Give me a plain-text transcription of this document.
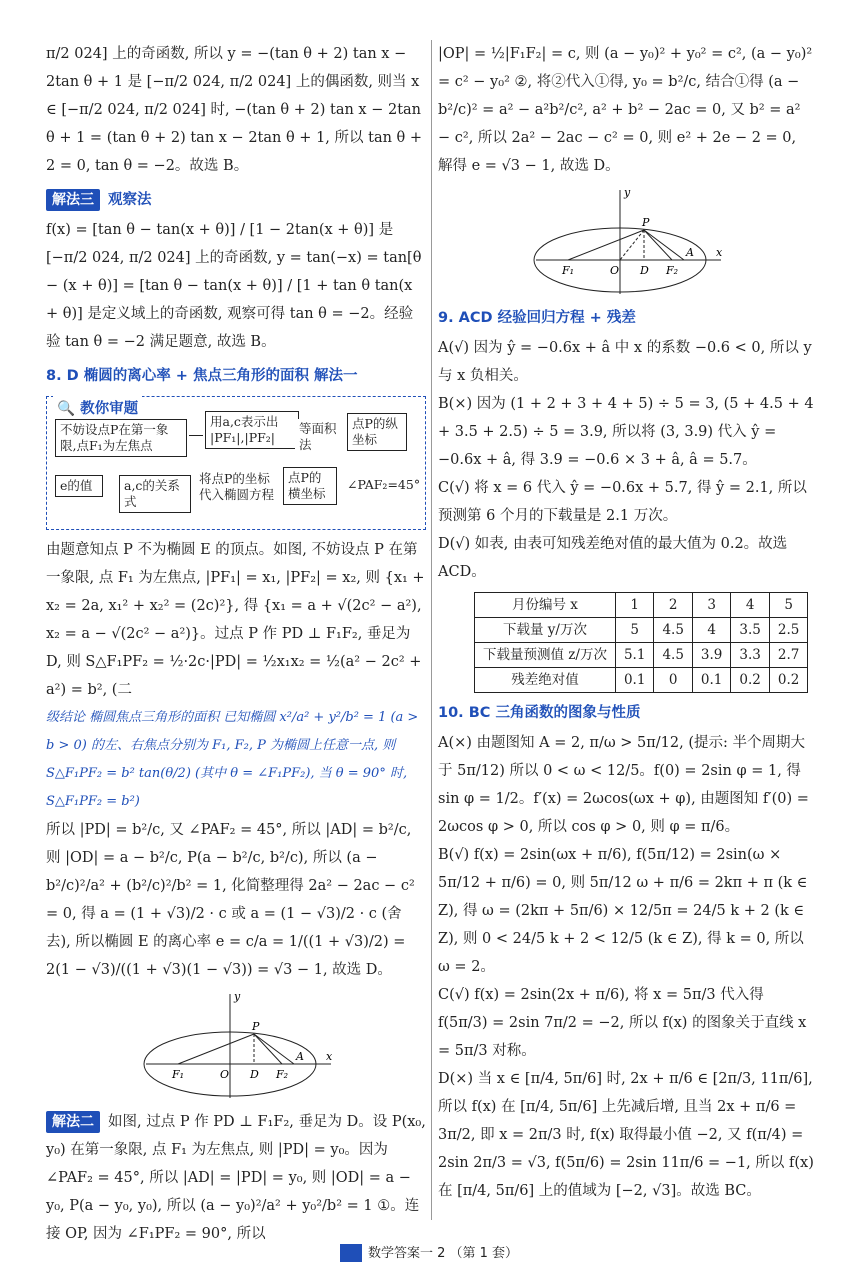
π/2 024] 上的奇函数, 所以 y = −(tan θ + 2) tan x − 2tan θ + 1 是 [−π/2 024, π/2 024] 上的偶函数, 则当 x ∈ [−π/2 024, π/2 024] 时, −(tan θ + 2) tan x − 2tan θ + 1 = (tan θ + 2) tan x − 2tan θ + 1, 所以 tan θ + 2 = 0, tan θ = −2。故选 B。

解法三 观察法

f(x) = [tan θ − tan(x + θ)] / [1 − 2tan(x + θ)] 是 [−π/2 024, π/2 024] 上的奇函数, y = tan(−x) = tan[θ − (x + θ)] = [tan θ − tan(x + θ)] / [1 + tan θ tan(x + θ)] 是定义域上的奇函数, 观察可得 tan θ = −2。经验验 tan θ = −2 满足题意, 故选 B。

8. D 椭圆的离心率 + 焦点三角形的面积 解法一

🔍 教你审题
不妨设点P在第一象限,点F₁为左焦点
用a,c表示出 |PF₁|,|PF₂|
等面积法
点P的纵坐标
∠PAF₂=45°
点P的横坐标
将点P的坐标代入椭圆方程
a,c的关系式
e的值

由题意知点 P 不为椭圆 E 的顶点。如图, 不妨设点 P 在第一象限, 点 F₁ 为左焦点, |PF₁| = x₁, |PF₂| = x₂, 则 {x₁ + x₂ = 2a, x₁² + x₂² = (2c)²}, 得 {x₁ = a + √(2c² − a²), x₂ = a − √(2c² − a²)}。过点 P 作 PD ⊥ F₁F₂, 垂足为 D, 则 S△F₁PF₂ = ½·2c·|PD| = ½x₁x₂ = ½(a² − 2c² + a²) = b², (二

级结论 椭圆焦点三角形的面积 已知椭圆 x²/a² + y²/b² = 1 (a > b > 0) 的左、右焦点分别为 F₁, F₂, P 为椭圆上任意一点, 则 S△F₁PF₂ = b² tan(θ/2) (其中 θ = ∠F₁PF₂), 当 θ = 90° 时, S△F₁PF₂ = b²)

所以 |PD| = b²/c, 又 ∠PAF₂ = 45°, 所以 |AD| = b²/c, 则 |OD| = a − b²/c, P(a − b²/c, b²/c), 所以 (a − b²/c)²/a² + (b²/c)²/b² = 1, 化简整理得 2a² − 2ac − c² = 0, 得 a = (1 + √3)/2 · c 或 a = (1 − √3)/2 · c (舍去), 所以椭圆 E 的离心率 e = c/a = 1/((1 + √3)/2) = 2(1 − √3)/((1 + √3)(1 − √3)) = √3 − 1, 故选 D。

y
x
P
A
O D
F₁	F₂

解法二 如图, 过点 P 作 PD ⊥ F₁F₂, 垂足为 D。设 P(x₀, y₀) 在第一象限, 点 F₁ 为左焦点, 则 |PD| = y₀。因为 ∠PAF₂ = 45°, 所以 |AD| = |PD| = y₀, 则 |OD| = a − y₀, P(a − y₀, y₀), 所以 (a − y₀)²/a² + y₀²/b² = 1 ①。连接 OP, 因为 ∠F₁PF₂ = 90°, 所以

|OP| = ½|F₁F₂| = c, 则 (a − y₀)² + y₀² = c², (a − y₀)² = c² − y₀² ②, 将②代入①得, y₀ = b²/c, 结合①得 (a − b²/c)² = a² − a²b²/c², a² + b² − 2ac = 0, 又 b² = a² − c², 所以 2a² − 2ac − c² = 0, 则 e² + 2e − 2 = 0, 解得 e = √3 − 1, 故选 D。

y
x
P
A
O D
F₁	F₂

9. ACD 经验回归方程 + 残差

A(√) 因为 ŷ = −0.6x + â 中 x 的系数 −0.6 < 0, 所以 y 与 x 负相关。

B(×) 因为 (1 + 2 + 3 + 4 + 5) ÷ 5 = 3, (5 + 4.5 + 4 + 3.5 + 2.5) ÷ 5 = 3.9, 所以将 (3, 3.9) 代入 ŷ = −0.6x + â, 得 3.9 = −0.6 × 3 + â, â = 5.7。

C(√) 将 x = 6 代入 ŷ = −0.6x + 5.7, 得 ŷ = 2.1, 所以预测第 6 个月的下载量是 2.1 万次。

D(√) 如表, 由表可知残差绝对值的最大值为 0.2。故选 ACD。

月份编号 x	1	2	3	4	5
下载量 y/万次	5	4.5	4	3.5	2.5
下载量预测值 z/万次	5.1	4.5	3.9	3.3	2.7
残差绝对值	0.1	0	0.1	0.2	0.2

10. BC 三角函数的图象与性质

A(×) 由题图知 A = 2, π/ω > 5π/12, (提示: 半个周期大于 5π/12) 所以 0 < ω < 12/5。f(0) = 2sin φ = 1, 得 sin φ = 1/2。f′(x) = 2ωcos(ωx + φ), 由题图知 f′(0) = 2ωcos φ > 0, 所以 cos φ > 0, 则 φ = π/6。

B(√) f(x) = 2sin(ωx + π/6), f(5π/12) = 2sin(ω × 5π/12 + π/6) = 0, 则 5π/12 ω + π/6 = 2kπ + π (k ∈ Z), 得 ω = (2kπ + 5π/6) × 12/5π = 24/5 k + 2 (k ∈ Z), 则 0 < 24/5 k + 2 < 12/5 (k ∈ Z), 得 k = 0, 所以 ω = 2。

C(√) f(x) = 2sin(2x + π/6), 将 x = 5π/3 代入得 f(5π/3) = 2sin 7π/2 = −2, 所以 f(x) 的图象关于直线 x = 5π/3 对称。

D(×) 当 x ∈ [π/4, 5π/6] 时, 2x + π/6 ∈ [2π/3, 11π/6], 所以 f(x) 在 [π/4, 5π/6] 上先减后增, 且当 2x + π/6 = 3π/2, 即 x = 2π/3 时, f(x) 取得最小值 −2, 又 f(π/4) = 2sin 2π/3 = √3, f(5π/6) = 2sin 11π/6 = −1, 所以 f(x) 在 [π/4, 5π/6] 上的值域为 [−2, √3]。故选 BC。

数学答案一 2 （第 1 套）
